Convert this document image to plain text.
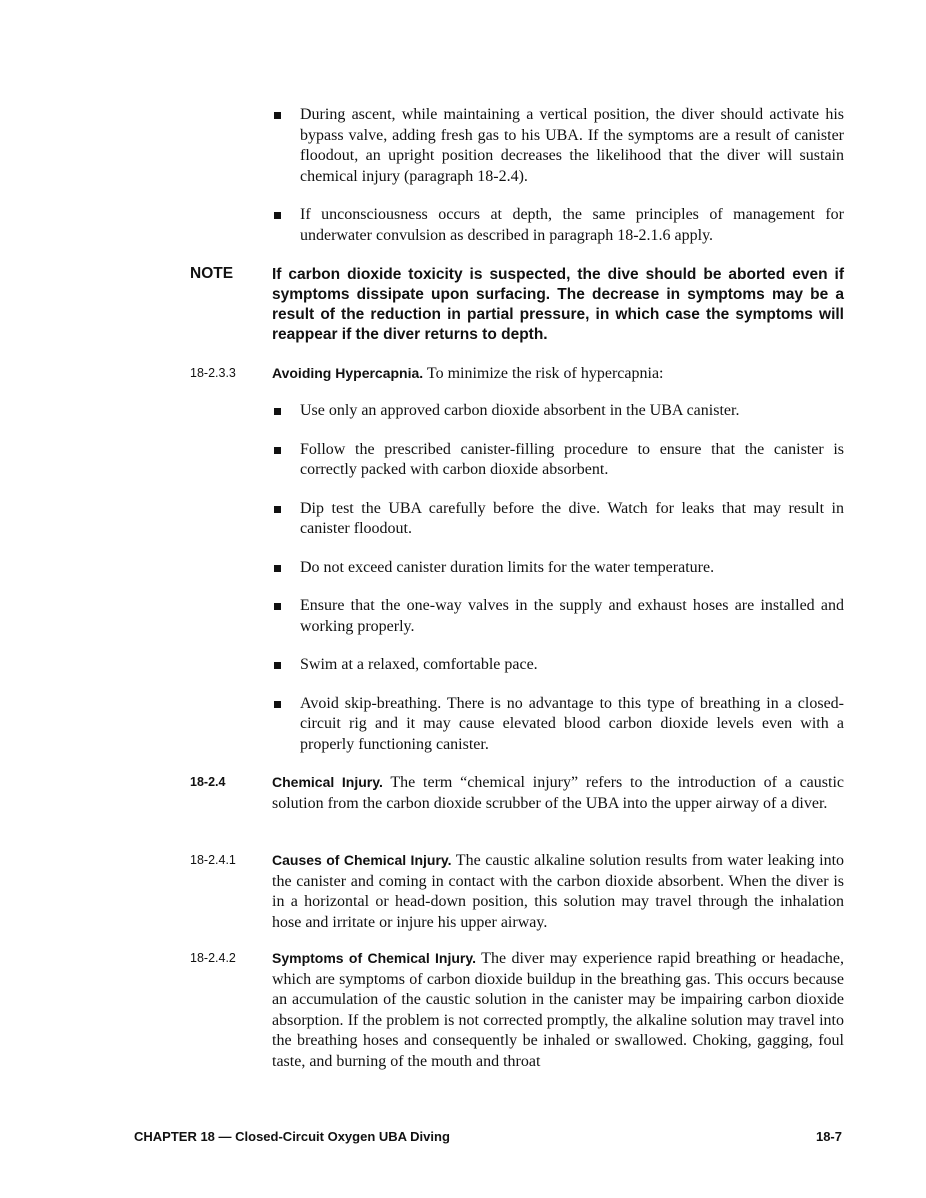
During ascent, while maintaining a vertical position, the diver should activate his bypass valve, adding fresh gas to his UBA. If the symptoms are a result of canister floodout, an upright position decreases the likelihood that the diver will sustain chemical injury (paragraph 18-2.4).
If unconsciousness occurs at depth, the same principles of management for underwater convulsion as described in paragraph 18-2.1.6 apply.
NOTE	If carbon dioxide toxicity is suspected, the dive should be aborted even if symptoms dissipate upon surfacing. The decrease in symptoms may be a result of the reduction in partial pressure, in which case the symptoms will reappear if the diver returns to depth.
18-2.3.3	Avoiding Hypercapnia. To minimize the risk of hypercapnia:
Use only an approved carbon dioxide absorbent in the UBA canister.
Follow the prescribed canister-filling procedure to ensure that the canister is correctly packed with carbon dioxide absorbent.
Dip test the UBA carefully before the dive. Watch for leaks that may result in canister floodout.
Do not exceed canister duration limits for the water temperature.
Ensure that the one-way valves in the supply and exhaust hoses are installed and working properly.
Swim at a relaxed, comfortable pace.
Avoid skip-breathing. There is no advantage to this type of breathing in a closed-circuit rig and it may cause elevated blood carbon dioxide levels even with a properly functioning canister.
18-2.4	Chemical Injury. The term “chemical injury” refers to the introduction of a caustic solution from the carbon dioxide scrubber of the UBA into the upper airway of a diver.
18-2.4.1	Causes of Chemical Injury. The caustic alkaline solution results from water leaking into the canister and coming in contact with the carbon dioxide absorbent. When the diver is in a horizontal or head-down position, this solution may travel through the inhalation hose and irritate or injure his upper airway.
18-2.4.2	Symptoms of Chemical Injury. The diver may experience rapid breathing or headache, which are symptoms of carbon dioxide buildup in the breathing gas. This occurs because an accumulation of the caustic solution in the canister may be impairing carbon dioxide absorption. If the problem is not corrected promptly, the alkaline solution may travel into the breathing hoses and consequently be inhaled or swallowed. Choking, gagging, foul taste, and burning of the mouth and throat
CHAPTER 18 — Closed-Circuit Oxygen UBA Diving	18-7
